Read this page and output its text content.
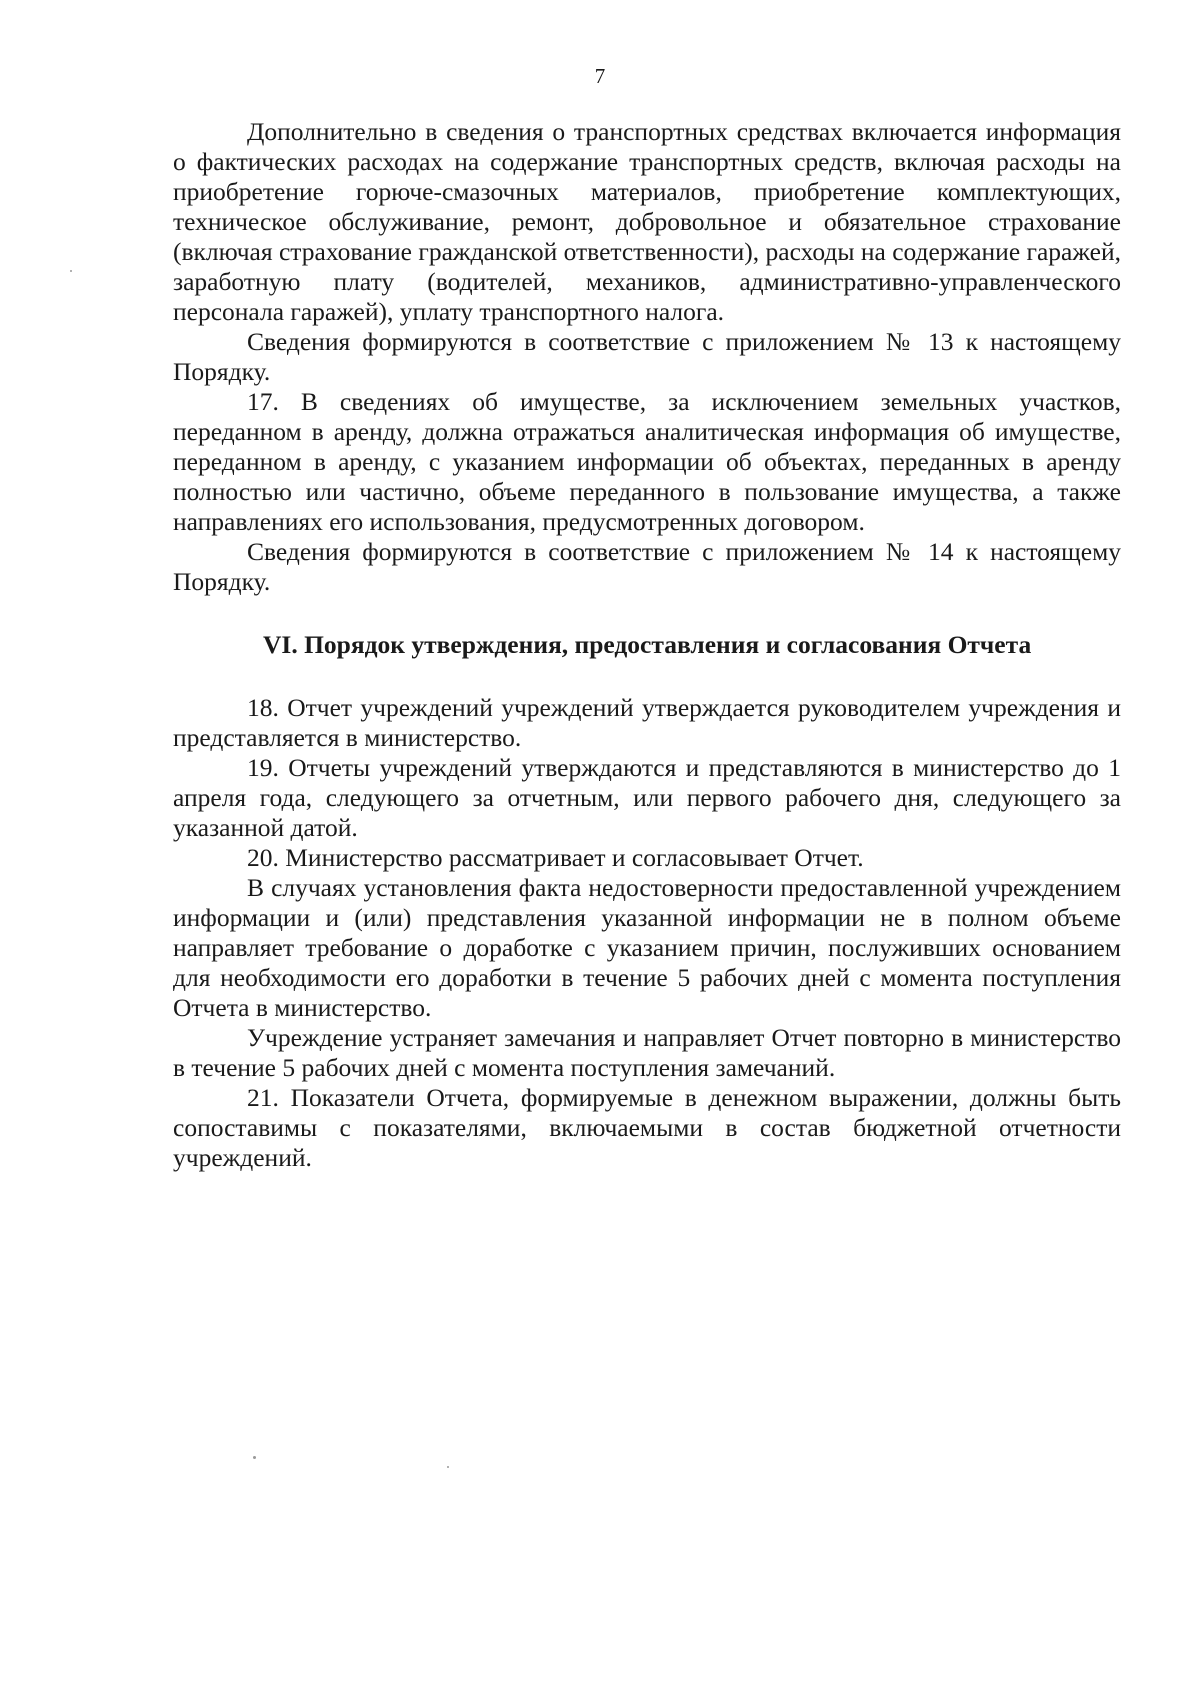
7

Дополнительно в сведения о транспортных средствах включается информация о фактических расходах на содержание транспортных средств, включая расходы на приобретение горюче-смазочных материалов, приобретение комплектующих, техническое обслуживание, ремонт, добровольное и обязательное страхование (включая страхование гражданской ответственности), расходы на содержание гаражей, заработную плату (водителей, механиков, административно-управленческого персонала гаражей), уплату транспортного налога.

Сведения формируются в соответствие с приложением № 13 к настоящему Порядку.

17. В сведениях об имуществе, за исключением земельных участков, переданном в аренду, должна отражаться аналитическая информация об имуществе, переданном в аренду, с указанием информации об объектах, переданных в аренду полностью или частично, объеме переданного в пользование имущества, а также направлениях его использования, предусмотренных договором.

Сведения формируются в соответствие с приложением № 14 к настоящему Порядку.

VI. Порядок утверждения, предоставления и согласования Отчета

18. Отчет учреждений учреждений утверждается руководителем учреждения и представляется в министерство.

19. Отчеты учреждений утверждаются и представляются в министерство до 1 апреля года, следующего за отчетным, или первого рабочего дня, следующего за указанной датой.

20. Министерство рассматривает и согласовывает Отчет.

В случаях установления факта недостоверности предоставленной учреждением информации и (или) представления указанной информации не в полном объеме направляет требование о доработке с указанием причин, послуживших основанием для необходимости его доработки в течение 5 рабочих дней с момента поступления Отчета в министерство.

Учреждение устраняет замечания и направляет Отчет повторно в министерство в течение 5 рабочих дней с момента поступления замечаний.

21. Показатели Отчета, формируемые в денежном выражении, должны быть сопоставимы с показателями, включаемыми в состав бюджетной отчетности учреждений.
